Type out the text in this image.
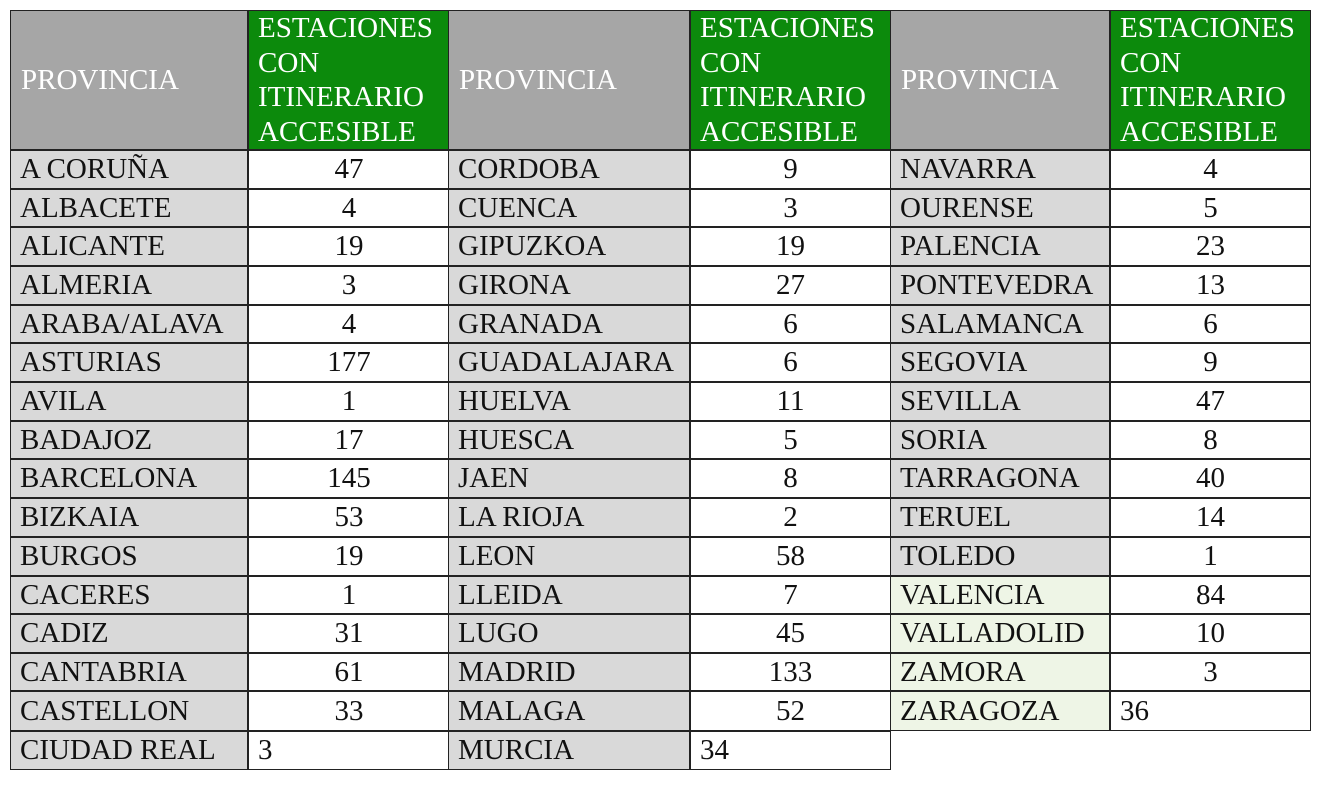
PROVINCIA
ESTACIONES
CON
ITINERARIO
ACCESIBLE
A CORUÑA	47
ALBACETE	4
ALICANTE	19
ALMERIA	3
ARABA/ALAVA	4
ASTURIAS	177
AVILA	1
BADAJOZ	17
BARCELONA	145
BIZKAIA	53
BURGOS	19
CACERES	1
CADIZ	31
CANTABRIA	61
CASTELLON	33
CIUDAD REAL	3
PROVINCIA
ESTACIONES
CON
ITINERARIO
ACCESIBLE
CORDOBA	9
CUENCA	3
GIPUZKOA	19
GIRONA	27
GRANADA	6
GUADALAJARA	6
HUELVA	11
HUESCA	5
JAEN	8
LA RIOJA	2
LEON	58
LLEIDA	7
LUGO	45
MADRID	133
MALAGA	52
MURCIA	34
PROVINCIA
ESTACIONES
CON
ITINERARIO
ACCESIBLE
NAVARRA	4
OURENSE	5
PALENCIA	23
PONTEVEDRA	13
SALAMANCA	6
SEGOVIA	9
SEVILLA	47
SORIA	8
TARRAGONA	40
TERUEL	14
TOLEDO	1
VALENCIA	84
VALLADOLID	10
ZAMORA	3
ZARAGOZA	36
